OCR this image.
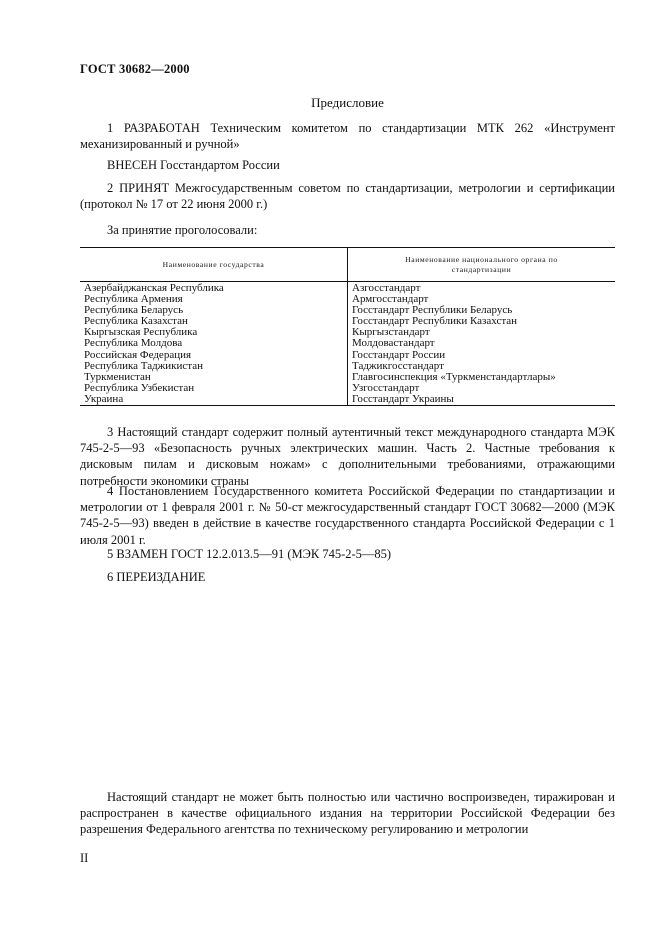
ГОСТ 30682—2000
Предисловие

1 РАЗРАБОТАН Техническим комитетом по стандартизации МТК 262 «Инструмент механизированный и ручной»

ВНЕСЕН Госстандартом России

2 ПРИНЯТ Межгосударственным советом по стандартизации, метрологии и сертификации (протокол № 17 от 22 июня 2000 г.)

За принятие проголосовали:

Наименование государства
Наименование национального органа по стандартизации
Азербайджанская Республика
Республика Армения
Республика Беларусь
Республика Казахстан
Кыргызская Республика
Республика Молдова
Российская Федерация
Республика Таджикистан
Туркменистан
Республика Узбекистан
Украина
Азгосстандарт
Армгосстандарт
Госстандарт Республики Беларусь
Госстандарт Республики Казахстан
Кыргызстандарт
Молдовастандарт
Госстандарт России
Таджикгосстандарт
Главгосинспекция «Туркменстандартлары»
Узгосстандарт
Госстандарт Украины

3 Настоящий стандарт содержит полный аутентичный текст международного стандарта МЭК 745-2-5—93 «Безопасность ручных электрических машин. Часть 2. Частные требования к дисковым пилам и дисковым ножам» с дополнительными требованиями, отражающими потребности экономики страны

4 Постановлением Государственного комитета Российской Федерации по стандартизации и метрологии от 1 февраля 2001 г. № 50-ст межгосударственный стандарт ГОСТ 30682—2000 (МЭК 745-2-5—93) введен в действие в качестве государственного стандарта Российской Федерации с 1 июля 2001 г.

5 ВЗАМЕН ГОСТ 12.2.013.5—91 (МЭК 745-2-5—85)

6 ПЕРЕИЗДАНИЕ

Настоящий стандарт не может быть полностью или частично воспроизведен, тиражирован и распространен в качестве официального издания на территории Российской Федерации без разрешения Федерального агентства по техническому регулированию и метрологии

II
